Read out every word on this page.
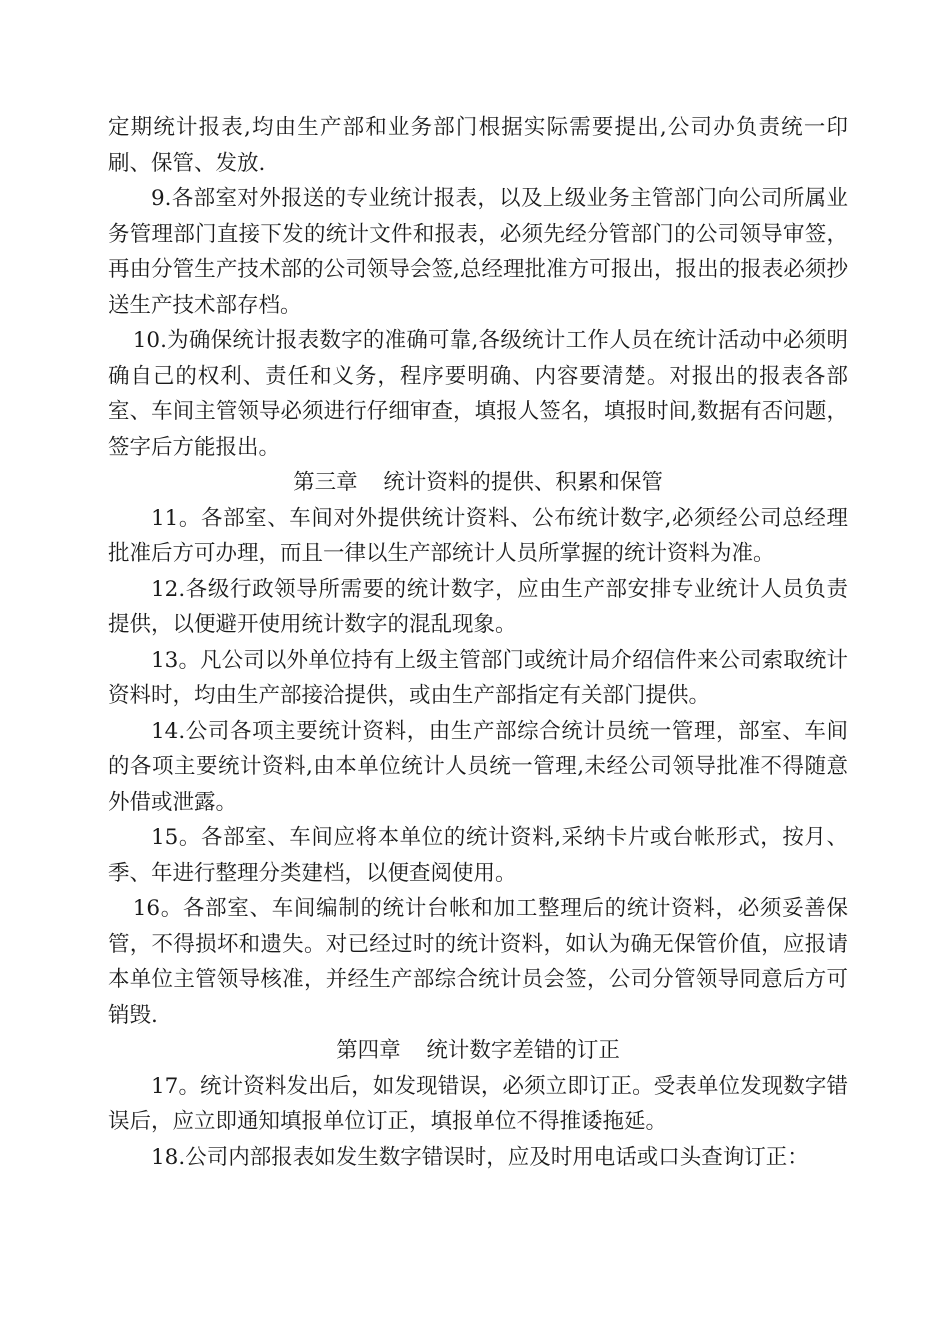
定期统计报表,均由生产部和业务部门根据实际需要提出,公司办负责统一印刷、保管、发放.

9.各部室对外报送的专业统计报表，以及上级业务主管部门向公司所属业务管理部门直接下发的统计文件和报表，必须先经分管部门的公司领导审签，再由分管生产技术部的公司领导会签,总经理批准方可报出，报出的报表必须抄送生产技术部存档。

10.为确保统计报表数字的准确可靠,各级统计工作人员在统计活动中必须明确自己的权利、责任和义务，程序要明确、内容要清楚。对报出的报表各部室、车间主管领导必须进行仔细审查，填报人签名，填报时间,数据有否问题，签字后方能报出。

第三章 统计资料的提供、积累和保管

11。各部室、车间对外提供统计资料、公布统计数字,必须经公司总经理批准后方可办理，而且一律以生产部统计人员所掌握的统计资料为准。

12.各级行政领导所需要的统计数字，应由生产部安排专业统计人员负责提供，以便避开使用统计数字的混乱现象。

13。凡公司以外单位持有上级主管部门或统计局介绍信件来公司索取统计资料时，均由生产部接洽提供，或由生产部指定有关部门提供。

14.公司各项主要统计资料，由生产部综合统计员统一管理，部室、车间的各项主要统计资料,由本单位统计人员统一管理,未经公司领导批准不得随意外借或泄露。

15。各部室、车间应将本单位的统计资料,采纳卡片或台帐形式，按月、季、年进行整理分类建档，以便查阅使用。

16。各部室、车间编制的统计台帐和加工整理后的统计资料，必须妥善保管，不得损坏和遗失。对已经过时的统计资料，如认为确无保管价值，应报请本单位主管领导核准，并经生产部综合统计员会签，公司分管领导同意后方可销毁.

第四章 统计数字差错的订正

17。统计资料发出后，如发现错误，必须立即订正。受表单位发现数字错误后，应立即通知填报单位订正，填报单位不得推诿拖延。

18.公司内部报表如发生数字错误时，应及时用电话或口头查询订正：
